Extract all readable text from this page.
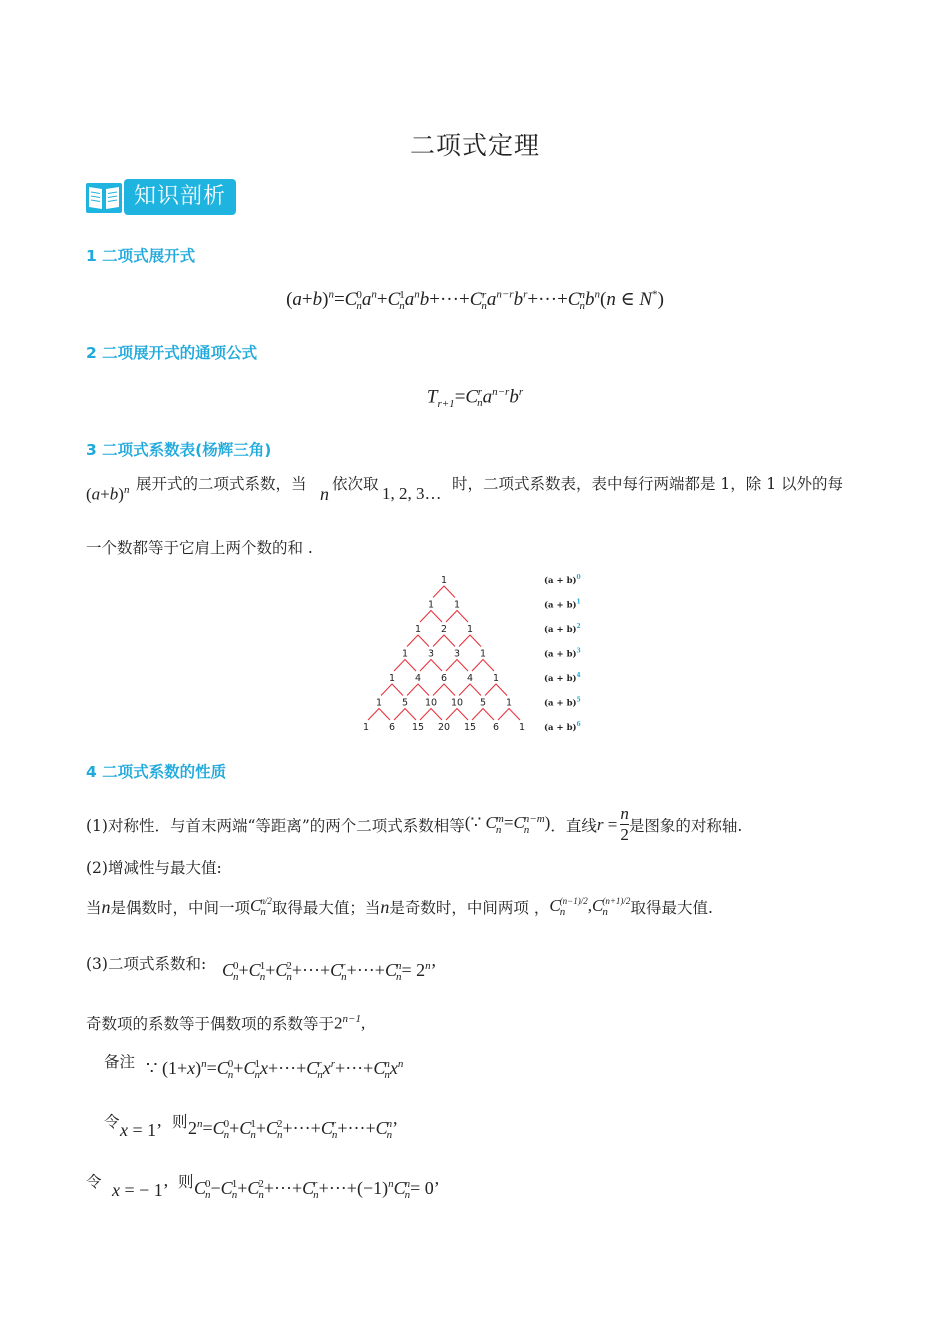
二项式定理
知识剖析
1 二项式展开式
$(a+b)^n=C$ 0
n $a^n+C$ 1
n $a^nb+\cdot\cdot\cdot+C$ r
n $a^{n-r}b^r+\cdot\cdot\cdot+C$ n
n $b^n(n$ ∈ N*)
2 二项展开式的通项公式
$T_{r+1}=C$ r
n $a^{n-r}b^r$
3 二项式系数表(杨辉三角)
$(a+b)^n$ 展开式的二项式系数，当 n 依次取 1, 2, 3… 时，二项式系数表，表中每行两端都是 1，除 1 以外的每
一个数都等于它肩上两个数的和 .
1	$(a + b)^0$
1 1	$(a + b)^1$
1 2 1	$(a + b)^2$
1 3 3 1	$(a + b)^3$
1 4 6 4 1	$(a + b)^4$
1 5 10 10 5 1	$(a + b)^5$
1 6 15 20 15 6 1 $(a + b)^6$
4 二项式系数的性质
(1)对称性．与首末两端“等距离”的两个二项式系数相等 (∵ C m
n =C n−m
n ) ．直线 $r = \frac{n}{2}$ 是图象的对称轴.
(2)增减性与最大值:
当 n 是偶数时，中间一项 C n/2
n 取得最大值；当 n 是奇数时，中间两项 ， C (n−1)/2
n	,C (n+1)/2
n	取得最大值.
(3)二项式系数和: C 0
n +C 1
n +C 2
n +···+C r
n +···+C n
$n = 2^n$’
奇数项的系数等于偶数项的系数等于 $2^{n-1}$,
备注 ∵ $(1+x)^n=C$ 0
n +C 1
n x+···+C r
n $x^r+\cdot\cdot\cdot+C$ n
n $x^n$
令 x = 1’ 则 $2^n=C$ 0
n +C 1
n +C 2
n +···+C r
n +···+C n
n ’
令 x = − 1’ 则 C 0
n −C 1
n +C 2
n +···+C r
$n +\cdot\cdot\cdot+(-1)^nC$ n
n = 0’
